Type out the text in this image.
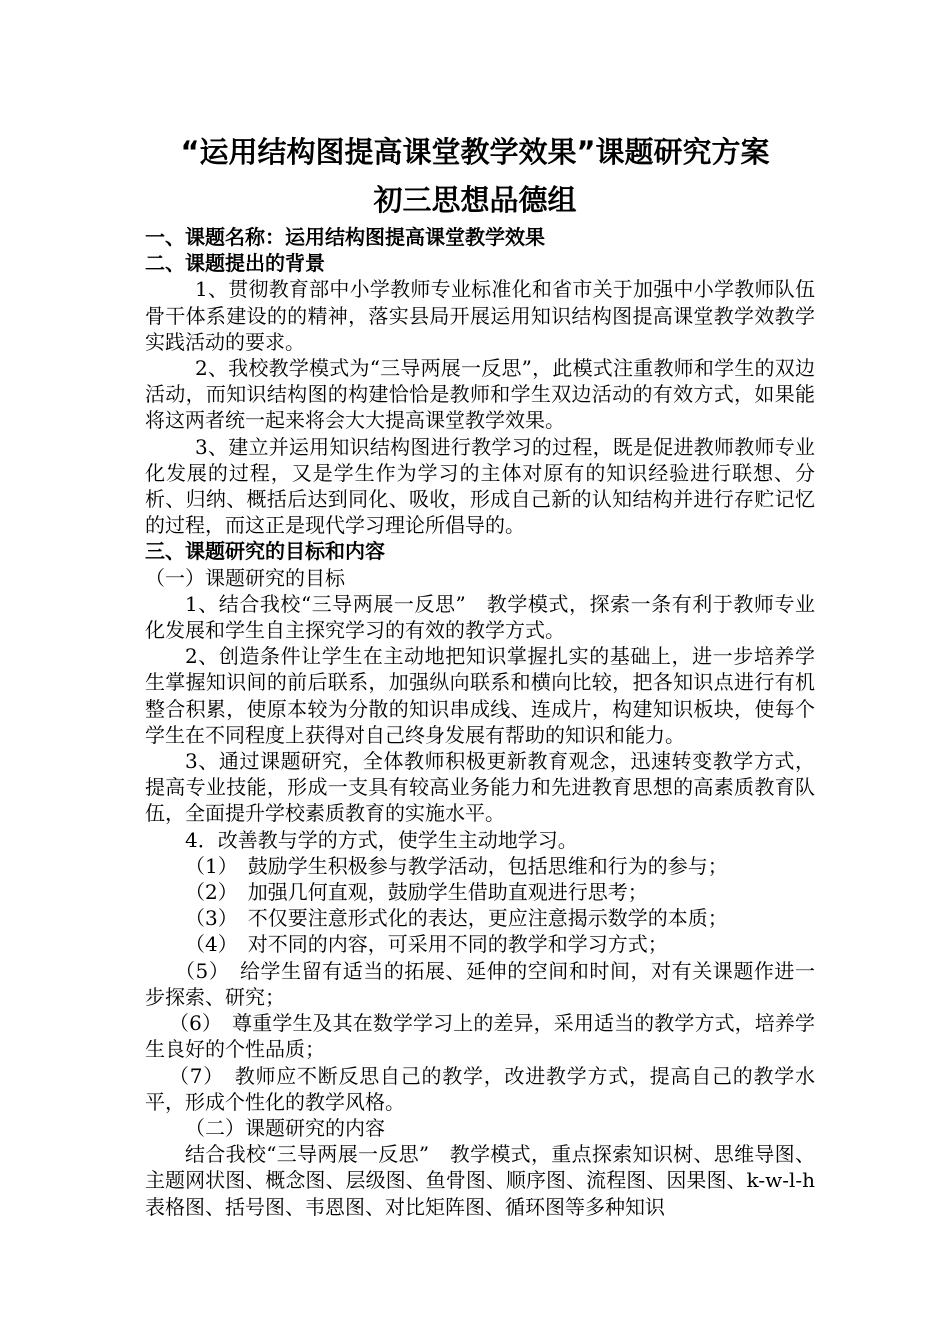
“运用结构图提高课堂教学效果”课题研究方案
初三思想品德组
一、课题名称：运用结构图提高课堂教学效果
二、课题提出的背景
1、贯彻教育部中小学教师专业标准化和省市关于加强中小学教师队伍骨干体系建设的的精神，落实县局开展运用知识结构图提高课堂教学效教学实践活动的要求。
2、我校教学模式为“三导两展一反思”，此模式注重教师和学生的双边活动，而知识结构图的构建恰恰是教师和学生双边活动的有效方式，如果能将这两者统一起来将会大大提高课堂教学效果。
3、建立并运用知识结构图进行教学习的过程，既是促进教师教师专业化发展的过程，又是学生作为学习的主体对原有的知识经验进行联想、分析、归纳、概括后达到同化、吸收，形成自己新的认知结构并进行存贮记忆的过程，而这正是现代学习理论所倡导的。
三、课题研究的目标和内容
（一）课题研究的目标
1、结合我校“三导两展一反思”　教学模式，探索一条有利于教师专业化发展和学生自主探究学习的有效的教学方式。
2、创造条件让学生在主动地把知识掌握扎实的基础上，进一步培养学生掌握知识间的前后联系，加强纵向联系和横向比较，把各知识点进行有机整合积累，使原本较为分散的知识串成线、连成片，构建知识板块，使每个学生在不同程度上获得对自己终身发展有帮助的知识和能力。
3、通过课题研究，全体教师积极更新教育观念，迅速转变教学方式，提高专业技能，形成一支具有较高业务能力和先进教育思想的高素质教育队伍，全面提升学校素质教育的实施水平。
4．改善教与学的方式，使学生主动地学习。
（1）　鼓励学生积极参与教学活动，包括思维和行为的参与；
（2）　加强几何直观，鼓励学生借助直观进行思考；
（3）　不仅要注意形式化的表达，更应注意揭示数学的本质；
（4）　对不同的内容，可采用不同的教学和学习方式；
（5）　给学生留有适当的拓展、延伸的空间和时间，对有关课题作进一步探索、研究；
（6）　尊重学生及其在数学学习上的差异，采用适当的教学方式，培养学生良好的个性品质；
（7）　教师应不断反思自己的教学，改进教学方式，提高自己的教学水平，形成个性化的教学风格。
（二）课题研究的内容
结合我校“三导两展一反思”　教学模式，重点探索知识树、思维导图、主题网状图、概念图、层级图、鱼骨图、顺序图、流程图、因果图、k-w-l-h表格图、括号图、韦恩图、对比矩阵图、循环图等多种知识
